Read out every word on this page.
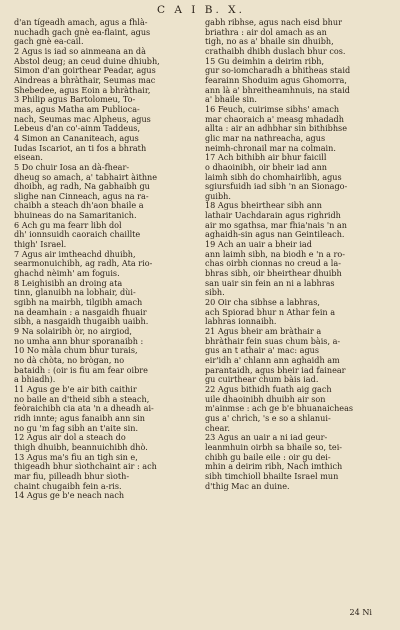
C A I B. X.

d'an tígeadh amach, agus a fhlà-
nuchadh gach gnè ea-flaint, agus
gach gnè ea-cail.

2 Agus is iad so ainmeana an dà
Abstol deug; an ceud duine dhiubh,
Simon d'an goirthear Peadar, agus
Aindreas a bhràthair, Seumas mac
Shebedee, agus Eoin a bhràthair,

3 Philip agus Bartolomeu, To-
mas, agus Matha am Publioca-
nach, Seumas mac Alpheus, agus
Lebeus d'an co'-ainm Taddeus,

4 Simon an Cananiteach, agus
Iudas Iscariot, an ti fos a bhrath
eisean.

5 Do chuir Iosa an dà-fhear-
dheug so amach, a' tabhairt àithne
dhoibh, ag radh, Na gabhaibh gu
slighe nan Cinneach, agus na ra-
chaibh a steach dh'aon bhaile a
bhuineas do na Samaritanich.

6 Ach gu ma fearr libh dol
dh' ionnsuidh caoraich chaillte
thigh' Israel.

7 Agus air imtheachd dhuibh,
searmonuichibh, ag radh, Ata rio-
ghachd nèimh' am foguis.

8 Leighisibh an droing ata
tinn, glanuibh na lobhair, dùi-
sgibh na mairbh, tilgibh amach
na deamhain : a nasgaidh fhuair
sibh, a nasgaidh thugaibh uaibh.

9 Na solairibh òr, no airgiod,
no umha ann bhur sporanaibh :

10 No màla chum bhur turais,
no dà chòta, no brògan, no
bataidh : (oir is fiu am fear oibre
a bhiadh).

11 Agus ge b'e air bith caithir
no baile an d'theid sibh a steach,
feòraichibh cia ata 'n a dheadh ai-
ridh innte; agus fanaibh ann sin
no gu 'm fag sibh an t'aite sin.

12 Agus air dol a steach do
thigh dhuibh, beannuichibh dhò.

13 Agus ma's fiu an tigh sin e,
thigeadh bhur sìothchaint air : ach
mar fiu, pilleadh bhur sìoth-
chaint chugaibh fein a-ris.

14 Agus ge b'e neach nach

gabh ribhse, agus nach eisd bhur
briathra : air dol amach as an
tigh, no as a' bhaile sin dhuibh,
crathaibh dhibh duslach bhur cos.

15 Gu deimhin a deirim ribh,
gur so-iomcharadh a bhitheas staid
fearainn Shoduim agus Ghomorra,
ann là a' bhreitheamhnuis, na staid
a' bhaile sin.

16 Feuch, cuirimse sibhs' amach
mar chaoraich a' measg mhadadh
allta : air an adhbhar sin bithibhse
glic mar na nathreacha, agus
neimh-chronail mar na colmain.

17 Ach bithibh air bhur faicill
o dhaoinibh, oir bheir iad ann
laimh sibh do chomhairlibh, agus
sgiursfuidh iad sibh 'n an Sionago-
guibh.

18 Agus bheirthear sibh ann
lathair Uachdarain agus righridh
air mo sgathsa, mar fhia'nais 'n an
aghaidh-sin agus nan Geintileach.

19 Ach an uair a bheir iad
ann laimh sibh, na biodh e 'n a ro-
chas oirbh cionnas no creud a la-
bhras sibh, oir bheirthear dhuibh
san uair sin fein an ni a labhras
sibh.

20 Oir cha sibhse a labhras,
ach Spiorad bhur n Athar fein a
labhras ionnaibh.

21 Agus bheir am bràthair a
bhràthair fein suas chum bàis, a-
gus an t athair a' mac: agus
eir'idh a' chlann ann aghaidh am
parantaidh, agus bheir iad fainear
gu cuirthear chum bàis iad.

22 Agus bithidh fuath aig gach
uile dhaoinibh dhuibh air son
m'ainmse : ach ge b'e bhuanaicheas
gus a' chrìch, 's e so a shlanui-
chear.

23 Agus an uair a ni iad geur-
leanmhuin oirbh sa bhaile so, tei-
chibh gu baile eile : oir gu dei-
mhin a deirim ribh, Nach imthich
sibh timchioll bhailte Israel mun
d'thig Mac an duine.

24 Ni
